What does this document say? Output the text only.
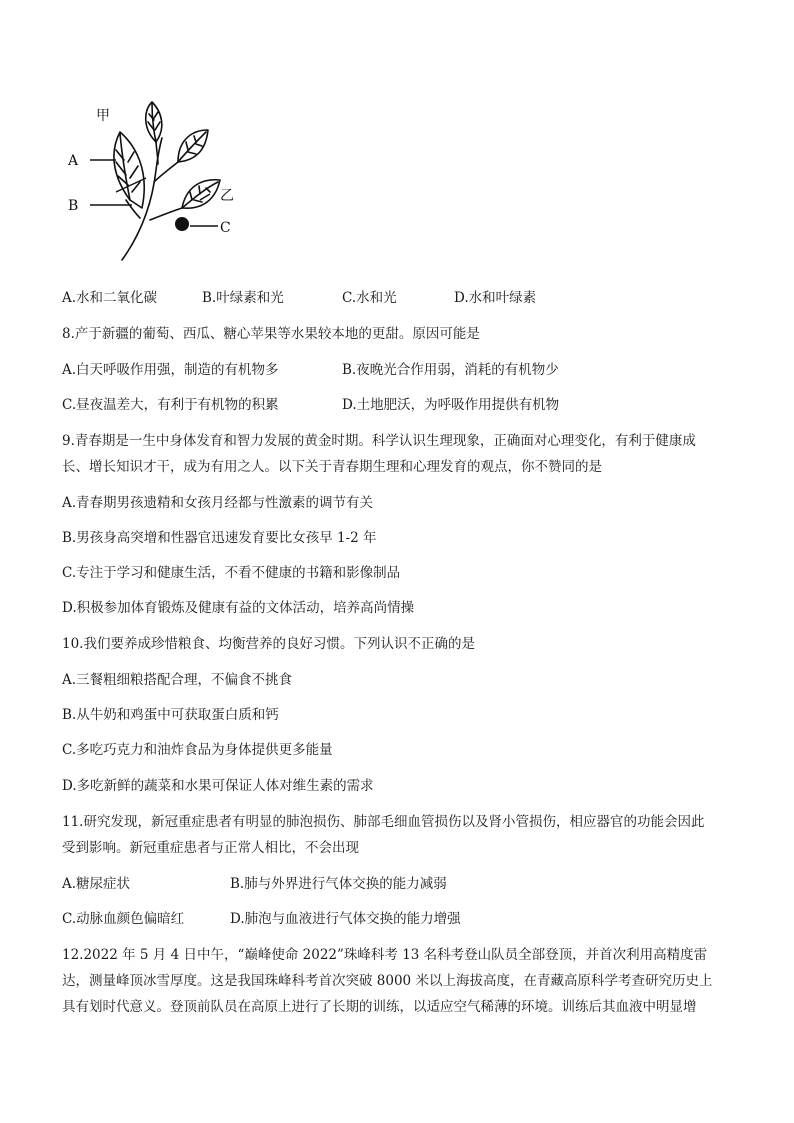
甲
A
B
乙
C
A.水和二氧化碳	B.叶绿素和光	C.水和光	D.水和叶绿素
8.产于新疆的葡萄、西瓜、糖心苹果等水果较本地的更甜。原因可能是
A.白天呼吸作用强，制造的有机物多	B.夜晚光合作用弱，消耗的有机物少
C.昼夜温差大，有利于有机物的积累	D.土地肥沃，为呼吸作用提供有机物
9.青春期是一生中身体发育和智力发展的黄金时期。科学认识生理现象，正确面对心理变化，有利于健康成
长、增长知识才干，成为有用之人。以下关于青春期生理和心理发育的观点，你不赞同的是
A.青春期男孩遗精和女孩月经都与性激素的调节有关
B.男孩身高突增和性器官迅速发育要比女孩早 1-2 年
C.专注于学习和健康生活，不看不健康的书籍和影像制品
D.积极参加体育锻炼及健康有益的文体活动，培养高尚情操
10.我们要养成珍惜粮食、均衡营养的良好习惯。下列认识不正确的是
A.三餐粗细粮搭配合理，不偏食不挑食
B.从牛奶和鸡蛋中可获取蛋白质和钙
C.多吃巧克力和油炸食品为身体提供更多能量
D.多吃新鲜的蔬菜和水果可保证人体对维生素的需求
11.研究发现，新冠重症患者有明显的肺泡损伤、肺部毛细血管损伤以及肾小管损伤，相应器官的功能会因此
受到影响。新冠重症患者与正常人相比，不会出现
A.糖尿症状	B.肺与外界进行气体交换的能力减弱
C.动脉血颜色偏暗红	D.肺泡与血液进行气体交换的能力增强
12.2022 年 5 月 4 日中午，“巅峰使命 2022”珠峰科考 13 名科考登山队员全部登顶，并首次利用高精度雷
达，测量峰顶冰雪厚度。这是我国珠峰科考首次突破 8000 米以上海拔高度，在青藏高原科学考查研究历史上
具有划时代意义。登顶前队员在高原上进行了长期的训练，以适应空气稀薄的环境。训练后其血液中明显增
